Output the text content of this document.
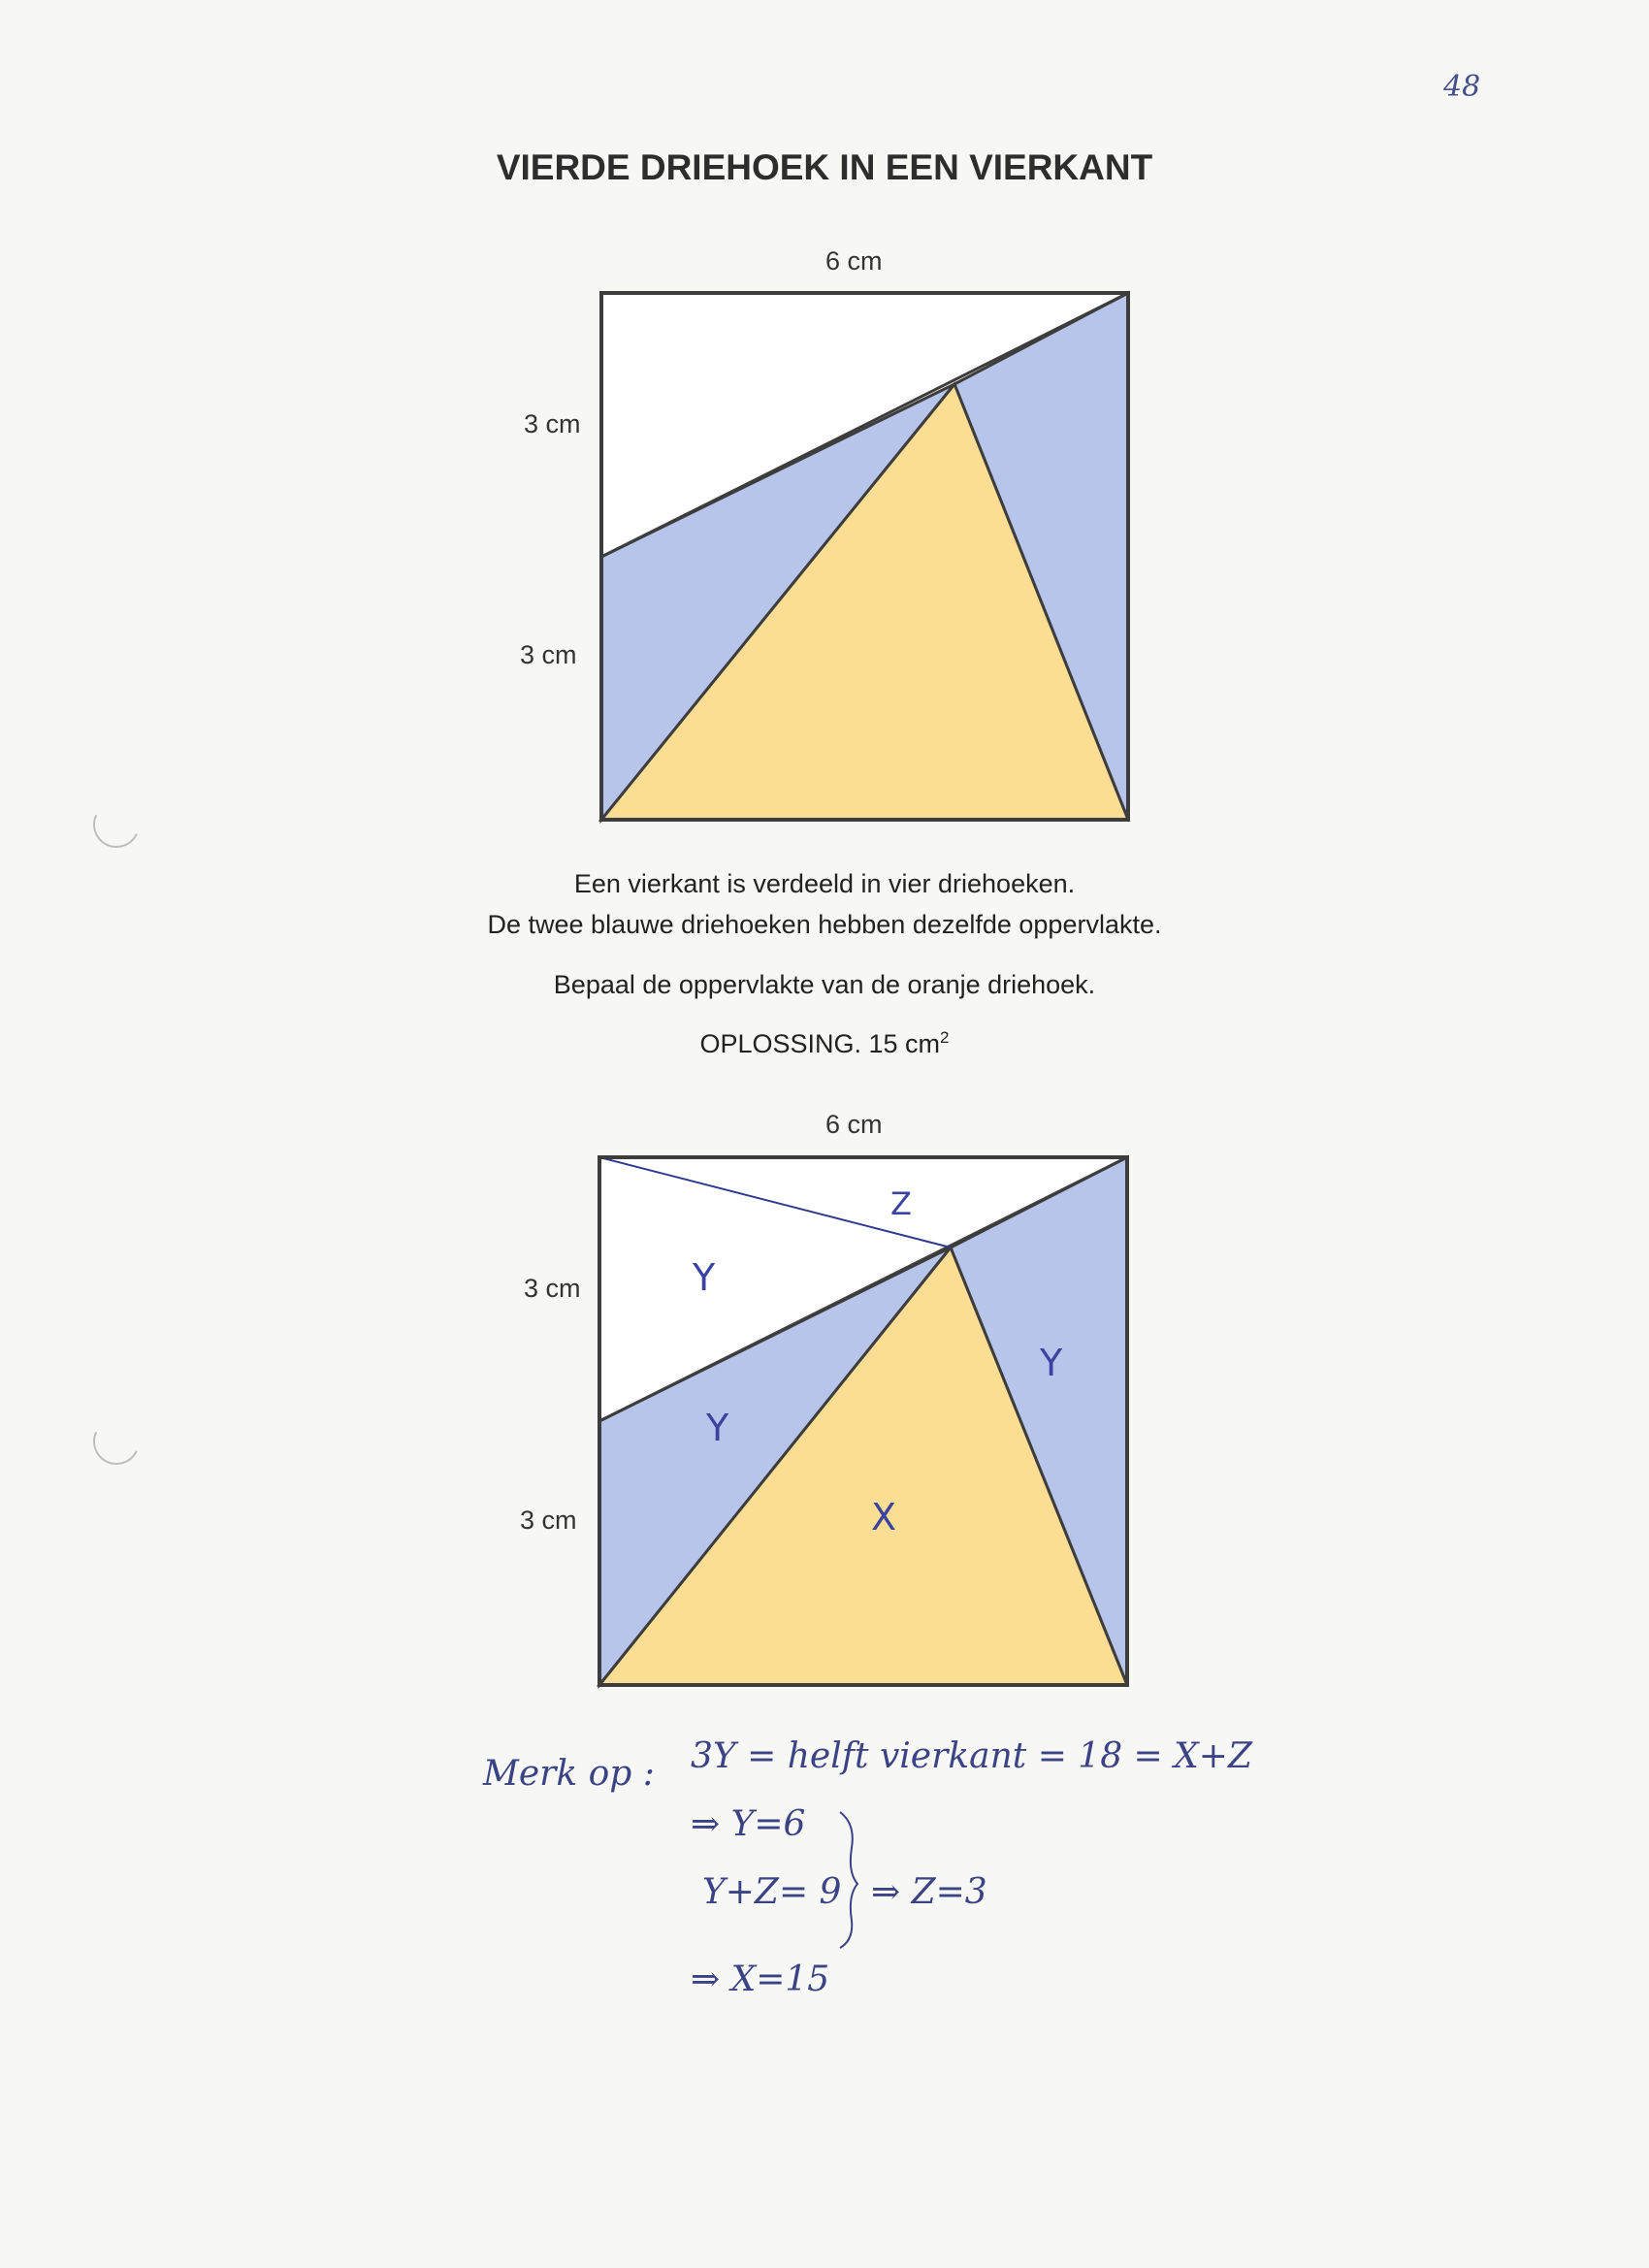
48
VIERDE DRIEHOEK IN EEN VIERKANT
6 cm
3 cm
3 cm
6 cm
3 cm
3 cm
Z
Y
Y
Y
X
Een vierkant is verdeeld in vier driehoeken.
De twee blauwe driehoeken hebben dezelfde oppervlakte.
Bepaal de oppervlakte van de oranje driehoek.
OPLOSSING. 15 $cm^2$
Merk op : 3Y = helft vierkant = 18 = X+Z
⇒ Y=6
Y+Z= 9 ⇒ Z=3
⇒ X=15
